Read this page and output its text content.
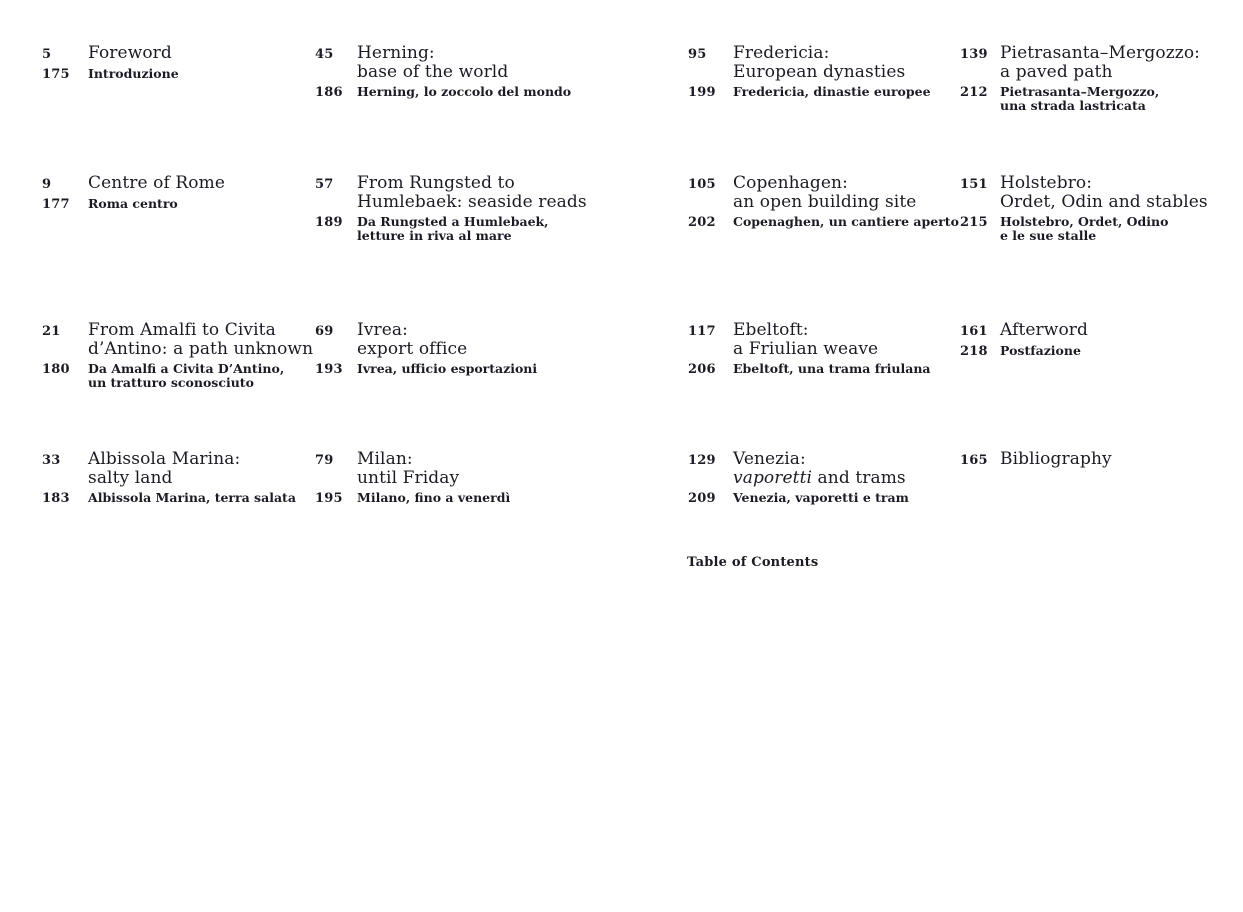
5	Foreword
175	Introduzione
9	Centre of Rome
177	Roma centro
21	From Amalfi to Civita
d’Antino: a path unknown
180	Da Amalfi a Civita D’Antino,
un tratturo sconosciuto
33	Albissola Marina:
salty land
183	Albissola Marina, terra salata
45	Herning:
base of the world
186	Herning, lo zoccolo del mondo
57	From Rungsted to
Humlebaek: seaside reads
189	Da Rungsted a Humlebaek,
letture in riva al mare
69	Ivrea:
export office
193	Ivrea, ufficio esportazioni
79	Milan:
until Friday
195	Milano, fino a venerdì
95	Fredericia:
European dynasties
199	Fredericia, dinastie europee
105	Copenhagen:
an open building site
202	Copenaghen, un cantiere aperto
117	Ebeltoft:
a Friulian weave
206	Ebeltoft, una trama friulana
129	Venezia:
vaporetti and trams
209	Venezia, vaporetti e tram
139 Pietrasanta–Mergozzo:
a paved path
212 Pietrasanta–Mergozzo,
una strada lastricata
151 Holstebro:
Ordet, Odin and stables
215 Holstebro, Ordet, Odino
e le sue stalle
161 Afterword
218 Postfazione
165 Bibliography
Table of Contents
